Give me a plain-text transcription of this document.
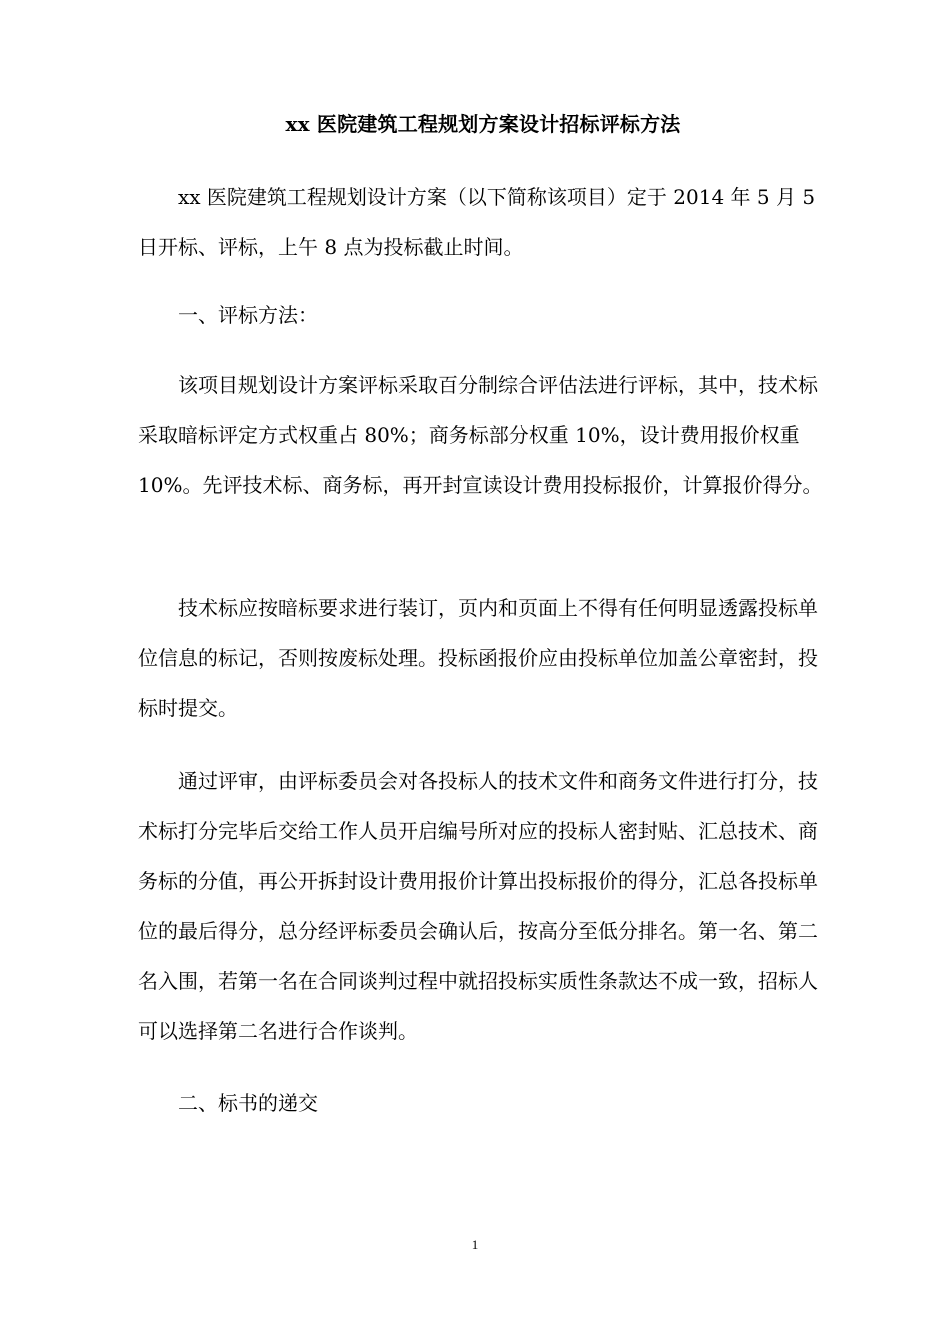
xx 医院建筑工程规划方案设计招标评标方法
xx 医院建筑工程规划设计方案（以下简称该项目）定于 2014 年 5 月 5 日开标、评标，上午 8 点为投标截止时间。
一、评标方法：
该项目规划设计方案评标采取百分制综合评估法进行评标，其中，技术标采取暗标评定方式权重占 80%；商务标部分权重 10%，设计费用报价权重 10%。先评技术标、商务标，再开封宣读设计费用投标报价，计算报价得分。
技术标应按暗标要求进行装订，页内和页面上不得有任何明显透露投标单位信息的标记，否则按废标处理。投标函报价应由投标单位加盖公章密封，投标时提交。
通过评审，由评标委员会对各投标人的技术文件和商务文件进行打分，技术标打分完毕后交给工作人员开启编号所对应的投标人密封贴、汇总技术、商务标的分值，再公开拆封设计费用报价计算出投标报价的得分，汇总各投标单位的最后得分，总分经评标委员会确认后，按高分至低分排名。第一名、第二名入围，若第一名在合同谈判过程中就招投标实质性条款达不成一致，招标人可以选择第二名进行合作谈判。
二、标书的递交
1
